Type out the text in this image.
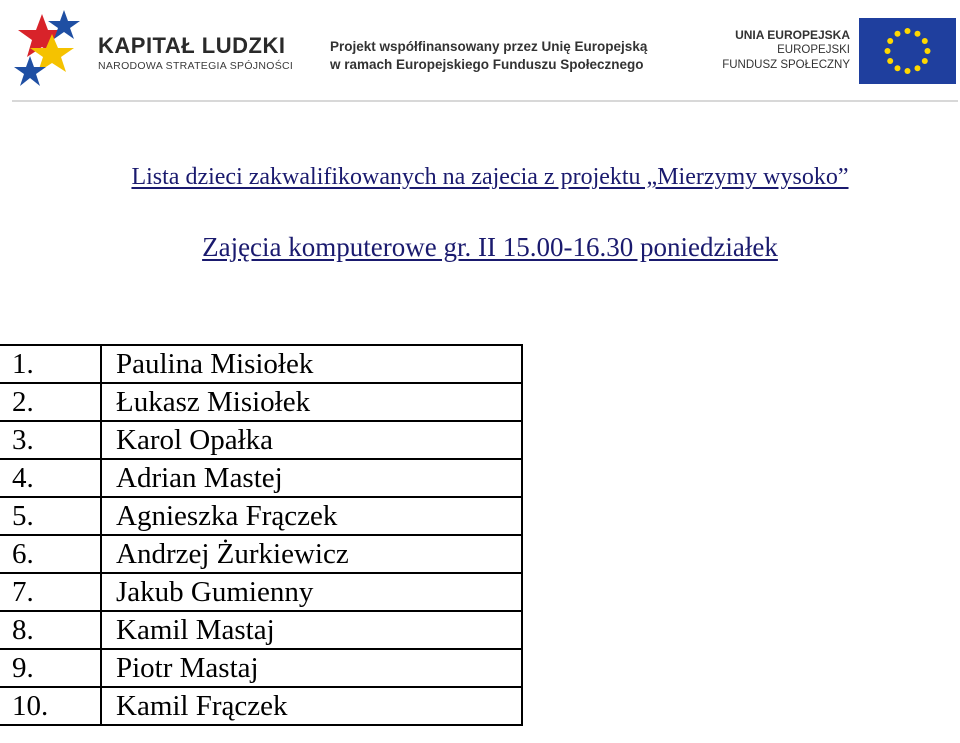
KAPITAŁ LUDZKI
NARODOWA STRATEGIA SPÓJNOŚCI
Projekt współfinansowany przez Unię Europejską
w ramach Europejskiego Funduszu Społecznego
UNIA EUROPEJSKA
EUROPEJSKI
FUNDUSZ SPOŁECZNY
Lista dzieci zakwalifikowanych na zajecia z projektu „Mierzymy wysoko”
Zajęcia komputerowe gr. II 15.00-16.30 poniedziałek
1.	Paulina Misiołek
2.	Łukasz Misiołek
3.	Karol Opałka
4.	Adrian Mastej
5.	Agnieszka Frączek
6.	Andrzej Żurkiewicz
7.	Jakub Gumienny
8.	Kamil Mastaj
9.	Piotr Mastaj
10.	Kamil Frączek
